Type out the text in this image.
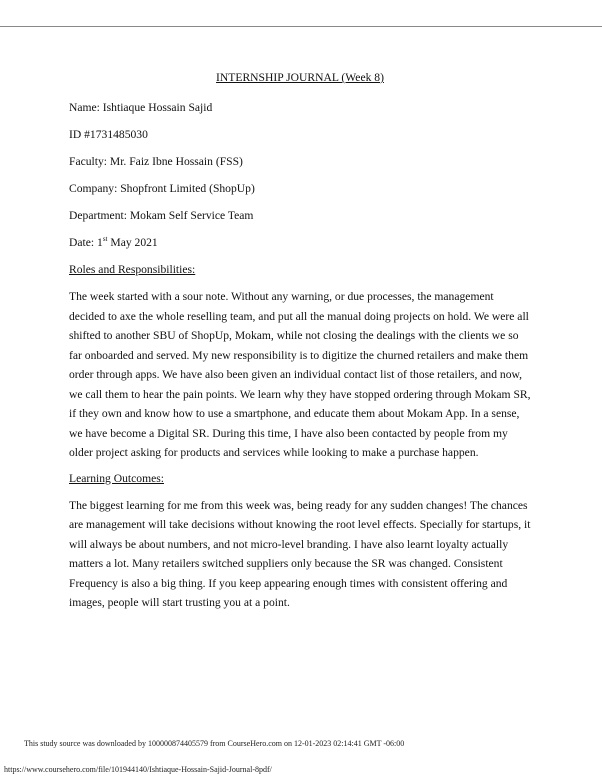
INTERNSHIP JOURNAL (Week 8)
Name: Ishtiaque Hossain Sajid
ID #1731485030
Faculty: Mr. Faiz Ibne Hossain (FSS)
Company: Shopfront Limited (ShopUp)
Department: Mokam Self Service Team
Date: 1st May 2021
Roles and Responsibilities:
The week started with a sour note. Without any warning, or due processes, the management decided to axe the whole reselling team, and put all the manual doing projects on hold. We were all shifted to another SBU of ShopUp, Mokam, while not closing the dealings with the clients we so far onboarded and served. My new responsibility is to digitize the churned retailers and make them order through apps. We have also been given an individual contact list of those retailers, and now, we call them to hear the pain points. We learn why they have stopped ordering through Mokam SR, if they own and know how to use a smartphone, and educate them about Mokam App. In a sense, we have become a Digital SR. During this time, I have also been contacted by people from my older project asking for products and services while looking to make a purchase happen.
Learning Outcomes:
The biggest learning for me from this week was, being ready for any sudden changes! The chances are management will take decisions without knowing the root level effects. Specially for startups, it will always be about numbers, and not micro-level branding. I have also learnt loyalty actually matters a lot. Many retailers switched suppliers only because the SR was changed. Consistent Frequency is also a big thing. If you keep appearing enough times with consistent offering and images, people will start trusting you at a point.
This study source was downloaded by 100000874405579 from CourseHero.com on 12-01-2023 02:14:41 GMT -06:00
https://www.coursehero.com/file/101944140/Ishtiaque-Hossain-Sajid-Journal-8pdf/
